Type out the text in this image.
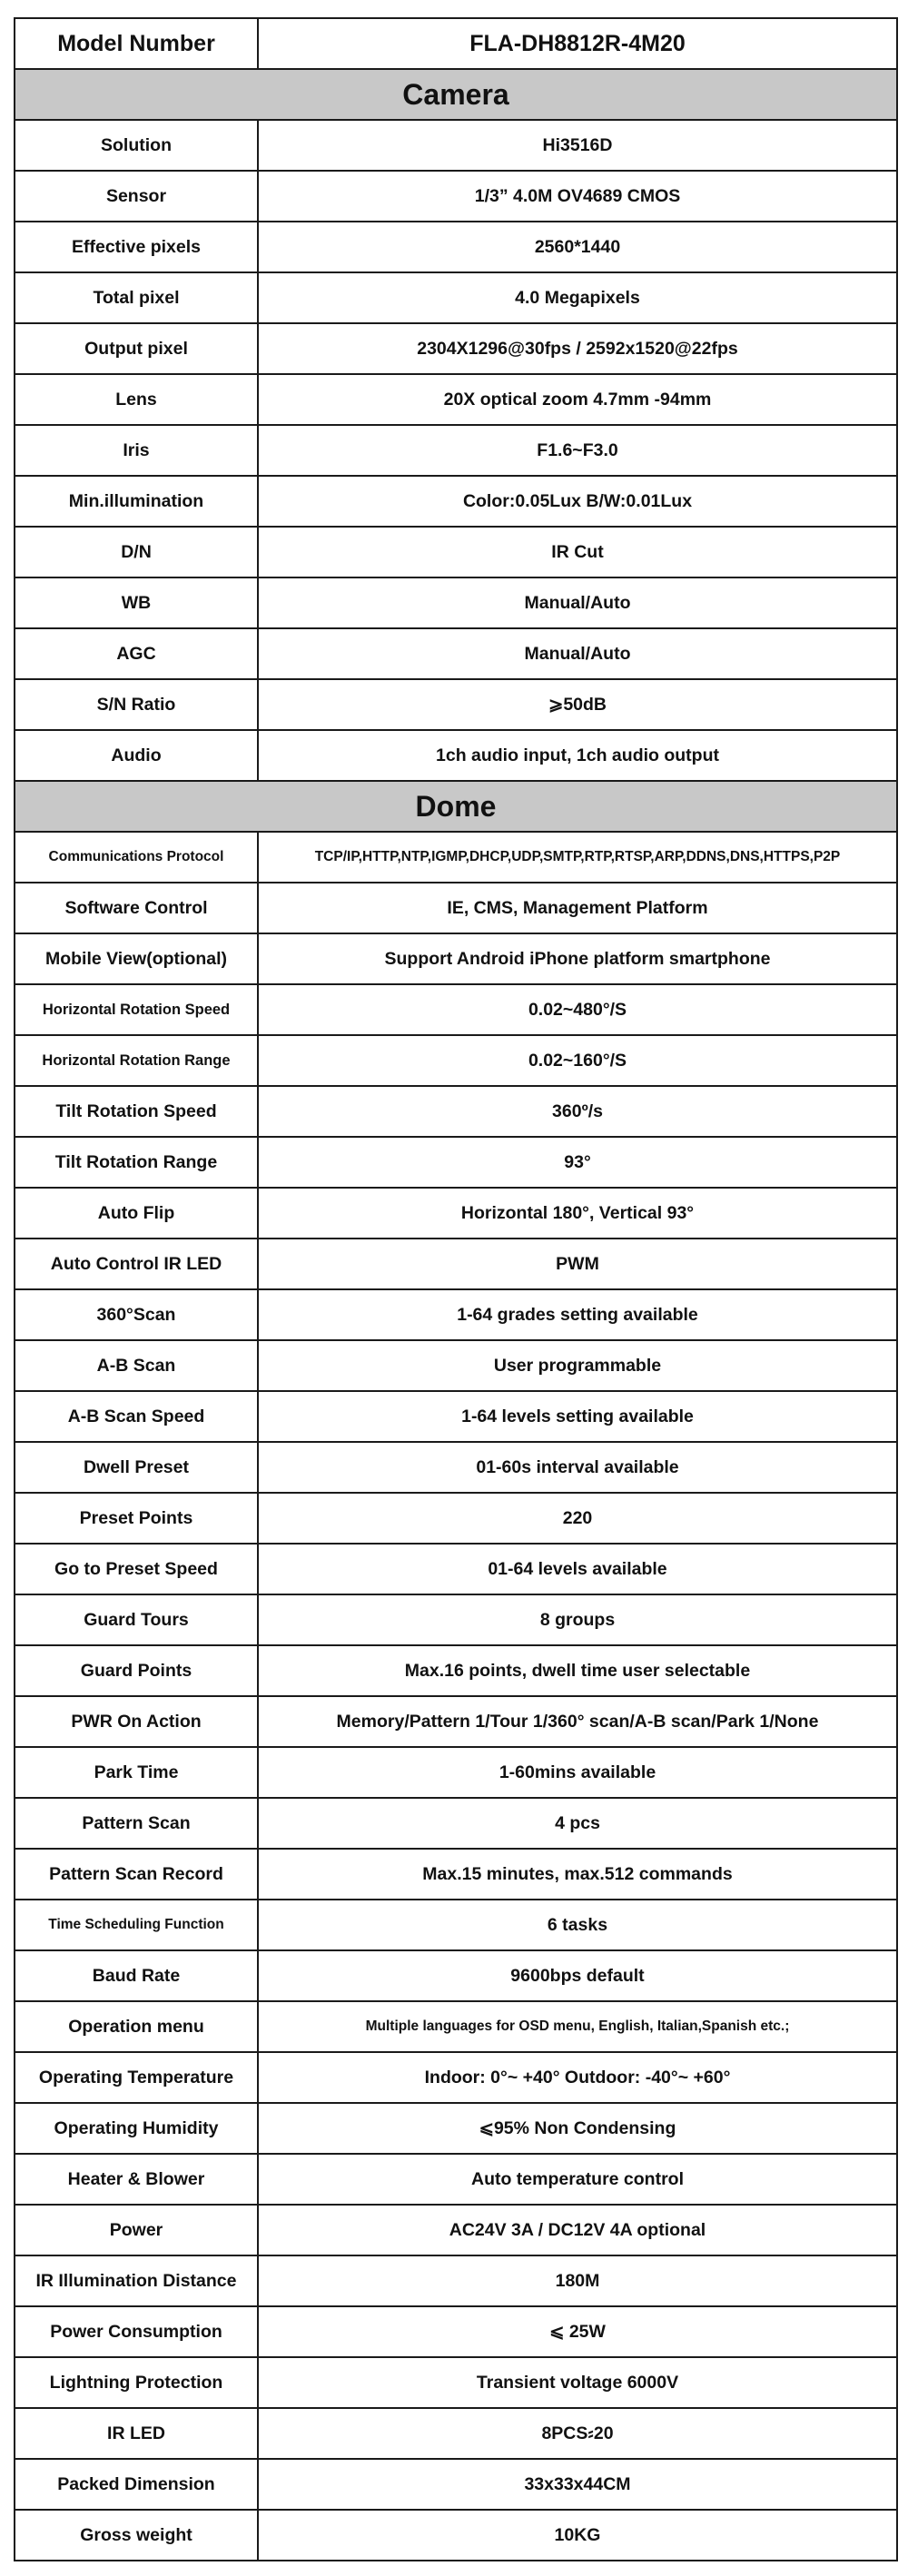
Model Number	FLA-DH8812R-4M20
Camera	
Solution	Hi3516D
Sensor	1/3” 4.0M OV4689 CMOS
Effective pixels	2560*1440
Total pixel	4.0 Megapixels
Output pixel	2304X1296@30fps / 2592x1520@22fps
Lens	20X optical zoom 4.7mm -94mm
Iris	F1.6~F3.0
Min.illumination	Color:0.05Lux B/W:0.01Lux
D/N	IR Cut
WB	Manual/Auto
AGC	Manual/Auto
S/N Ratio	⩾50dB
Audio	1ch audio input, 1ch audio output
Dome	
Communications Protocol	TCP/IP,HTTP,NTP,IGMP,DHCP,UDP,SMTP,RTP,RTSP,ARP,DDNS,DNS,HTTPS,P2P
Software Control	IE, CMS, Management Platform
Mobile View(optional)	Support Android iPhone platform smartphone
Horizontal Rotation Speed	0.02~480°/S
Horizontal Rotation Range	0.02~160°/S
Tilt Rotation Speed	360º/s
Tilt Rotation Range	93°
Auto Flip	Horizontal 180°, Vertical 93°
Auto Control IR LED	PWM
360°Scan	1-64 grades setting available
A-B Scan	User programmable
A-B Scan Speed	1-64 levels setting available
Dwell Preset	01-60s interval available
Preset Points	220
Go to Preset Speed	01-64 levels available
Guard Tours	8 groups
Guard Points	Max.16 points, dwell time user selectable
PWR On Action	Memory/Pattern 1/Tour 1/360° scan/A-B scan/Park 1/None
Park Time	1-60mins available
Pattern Scan	4 pcs
Pattern Scan Record	Max.15 minutes, max.512 commands
Time Scheduling Function	6 tasks
Baud Rate	9600bps default
Operation menu	Multiple languages for OSD menu, English, Italian,Spanish etc.;
Operating Temperature	Indoor: 0°~ +40° Outdoor: -40°~ +60°
Operating Humidity	⩽95% Non Condensing
Heater & Blower	Auto temperature control
Power	AC24V 3A / DC12V 4A optional
IR Illumination Distance	180M
Power Consumption	⩽ 25W
Lightning Protection	Transient voltage 6000V
IR LED	8PCS⸗20
Packed Dimension	33x33x44CM
Gross weight	10KG
